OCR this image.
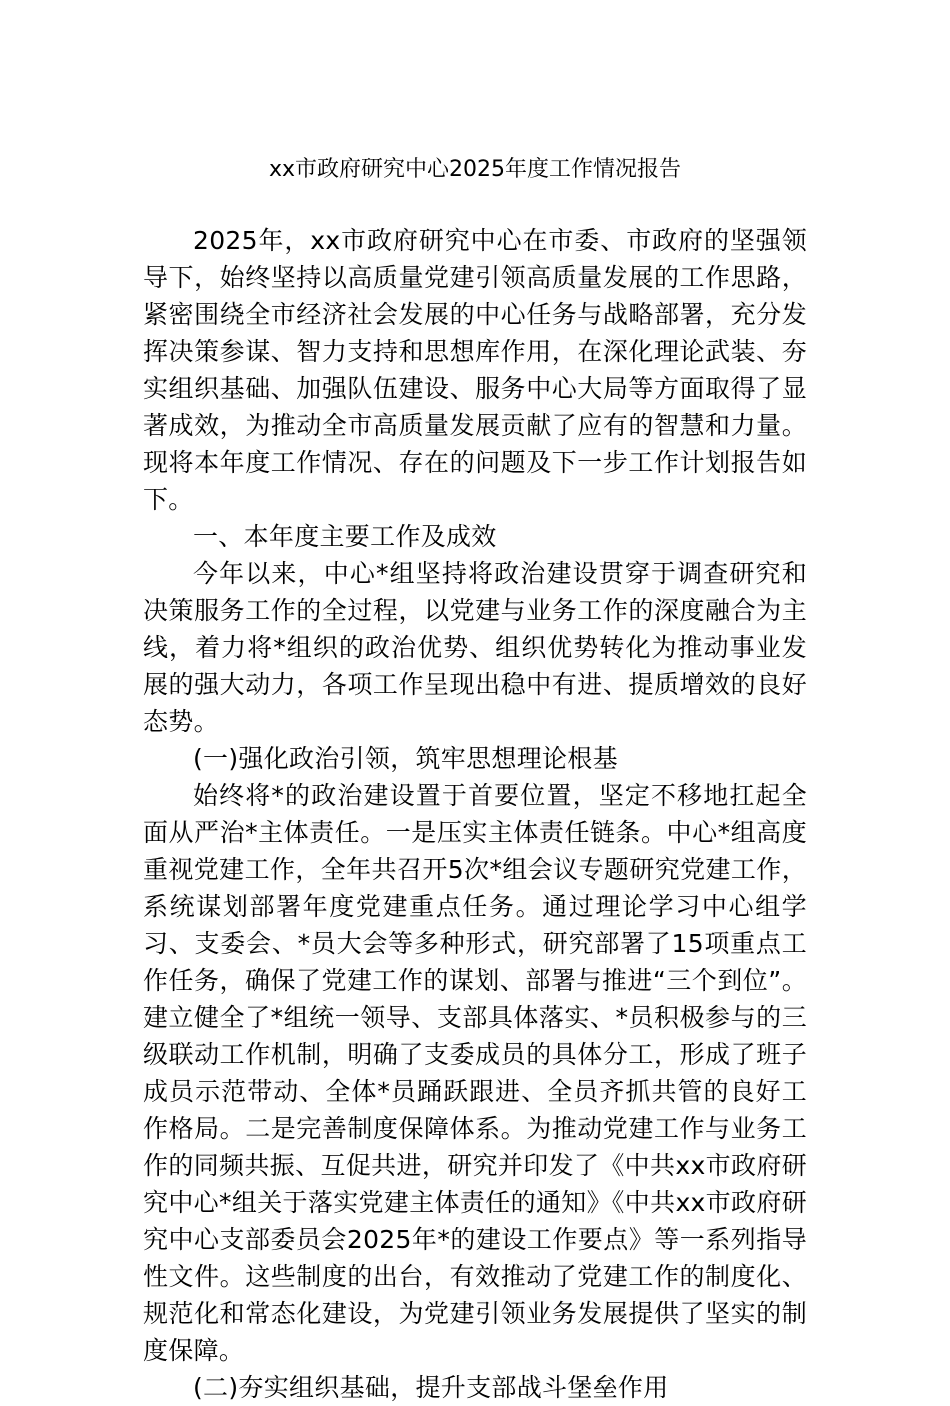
xx市政府研究中心2025年度工作情况报告

2025年，xx市政府研究中心在市委、市政府的坚强领导下，始终坚持以高质量党建引领高质量发展的工作思路，紧密围绕全市经济社会发展的中心任务与战略部署，充分发挥决策参谋、智力支持和思想库作用，在深化理论武装、夯实组织基础、加强队伍建设、服务中心大局等方面取得了显著成效，为推动全市高质量发展贡献了应有的智慧和力量。现将本年度工作情况、存在的问题及下一步工作计划报告如下。

一、本年度主要工作及成效

今年以来，中心*组坚持将政治建设贯穿于调查研究和决策服务工作的全过程，以党建与业务工作的深度融合为主线，着力将*组织的政治优势、组织优势转化为推动事业发展的强大动力，各项工作呈现出稳中有进、提质增效的良好态势。

(一)强化政治引领，筑牢思想理论根基

始终将*的政治建设置于首要位置，坚定不移地扛起全面从严治*主体责任。一是压实主体责任链条。中心*组高度重视党建工作，全年共召开5次*组会议专题研究党建工作，系统谋划部署年度党建重点任务。通过理论学习中心组学习、支委会、*员大会等多种形式，研究部署了15项重点工作任务，确保了党建工作的谋划、部署与推进“三个到位”。建立健全了*组统一领导、支部具体落实、*员积极参与的三级联动工作机制，明确了支委成员的具体分工，形成了班子成员示范带动、全体*员踊跃跟进、全员齐抓共管的良好工作格局。二是完善制度保障体系。为推动党建工作与业务工作的同频共振、互促共进，研究并印发了《中共xx市政府研究中心*组关于落实党建主体责任的通知》《中共xx市政府研究中心支部委员会2025年*的建设工作要点》等一系列指导性文件。这些制度的出台，有效推动了党建工作的制度化、规范化和常态化建设，为党建引领业务发展提供了坚实的制度保障。

(二)夯实组织基础，提升支部战斗堡垒作用
